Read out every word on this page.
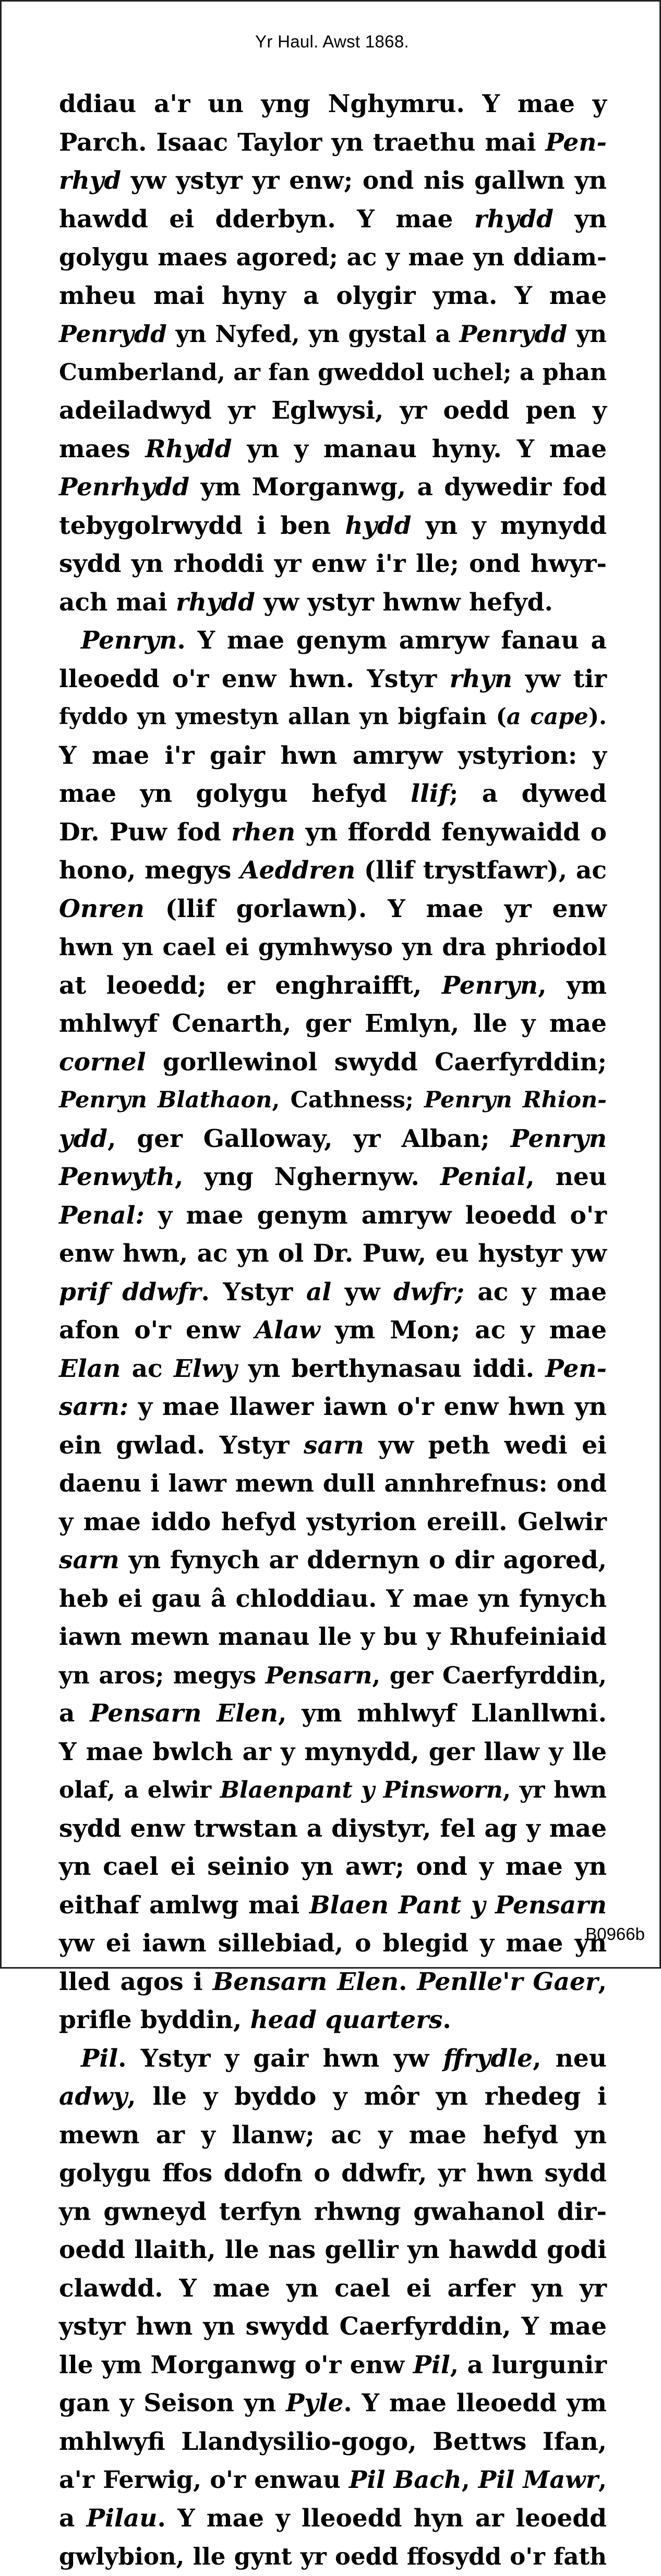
Yr Haul. Awst 1868.
ddiau a'r un yng Nghymru. Y mae y
Parch. Isaac Taylor yn traethu mai Pen-
rhyd yw ystyr yr enw; ond nis gallwn yn
hawdd ei dderbyn. Y mae rhydd yn
golygu maes agored; ac y mae yn ddiam-
mheu mai hyny a olygir yma. Y mae
Penrydd yn Nyfed, yn gystal a Penrydd yn
Cumberland, ar fan gweddol uchel; a phan
adeiladwyd yr Eglwysi, yr oedd pen y
maes Rhydd yn y manau hyny. Y mae
Penrhydd ym Morganwg, a dywedir fod
tebygolrwydd i ben hydd yn y mynydd
sydd yn rhoddi yr enw i'r lle; ond hwyr-
ach mai rhydd yw ystyr hwnw hefyd.
Penryn. Y mae genym amryw fanau a
lleoedd o'r enw hwn. Ystyr rhyn yw tir
fyddo yn ymestyn allan yn bigfain (a cape).
Y mae i'r gair hwn amryw ystyrion: y
mae yn golygu hefyd llif; a dywed
Dr. Puw fod rhen yn ffordd fenywaidd o
hono, megys Aeddren (llif trystfawr), ac
Onren (llif gorlawn). Y mae yr enw
hwn yn cael ei gymhwyso yn dra phriodol
at leoedd; er enghraifft, Penryn, ym
mhlwyf Cenarth, ger Emlyn, lle y mae
cornel gorllewinol swydd Caerfyrddin;
Penryn Blathaon, Cathness; Penryn Rhion-
ydd, ger Galloway, yr Alban; Penryn
Penwyth, yng Nghernyw. Penial, neu
Penal: y mae genym amryw leoedd o'r
enw hwn, ac yn ol Dr. Puw, eu hystyr yw
prif ddwfr. Ystyr al yw dwfr; ac y mae
afon o'r enw Alaw ym Mon; ac y mae
Elan ac Elwy yn berthynasau iddi. Pen-
sarn: y mae llawer iawn o'r enw hwn yn
ein gwlad. Ystyr sarn yw peth wedi ei
daenu i lawr mewn dull annhrefnus: ond
y mae iddo hefyd ystyrion ereill. Gelwir
sarn yn fynych ar ddernyn o dir agored,
heb ei gau â chloddiau. Y mae yn fynych
iawn mewn manau lle y bu y Rhufeiniaid
yn aros; megys Pensarn, ger Caerfyrddin,
a Pensarn Elen, ym mhlwyf Llanllwni.
Y mae bwlch ar y mynydd, ger llaw y lle
olaf, a elwir Blaenpant y Pinsworn, yr hwn
sydd enw trwstan a diystyr, fel ag y mae
yn cael ei seinio yn awr; ond y mae yn
eithaf amlwg mai Blaen Pant y Pensarn
yw ei iawn sillebiad, o blegid y mae yn
lled agos i Bensarn Elen. Penlle'r Gaer,
prifle byddin, head quarters.
Pil. Ystyr y gair hwn yw ffrydle, neu
adwy, lle y byddo y môr yn rhedeg i
mewn ar y llanw; ac y mae hefyd yn
golygu ffos ddofn o ddwfr, yr hwn sydd
yn gwneyd terfyn rhwng gwahanol dir-
oedd llaith, lle nas gellir yn hawdd godi
clawdd. Y mae yn cael ei arfer yn yr
ystyr hwn yn swydd Caerfyrddin, Y mae
lle ym Morganwg o'r enw Pil, a lurgunir
gan y Seison yn Pyle. Y mae lleoedd ym
mhlwyfi Llandysilio-gogo, Bettws Ifan,
a'r Ferwig, o'r enwau Pil Bach, Pil Mawr,
a Pilau. Y mae y lleoedd hyn ar leoedd
gwlybion, lle gynt yr oedd ffosydd o'r fath
B0966b
